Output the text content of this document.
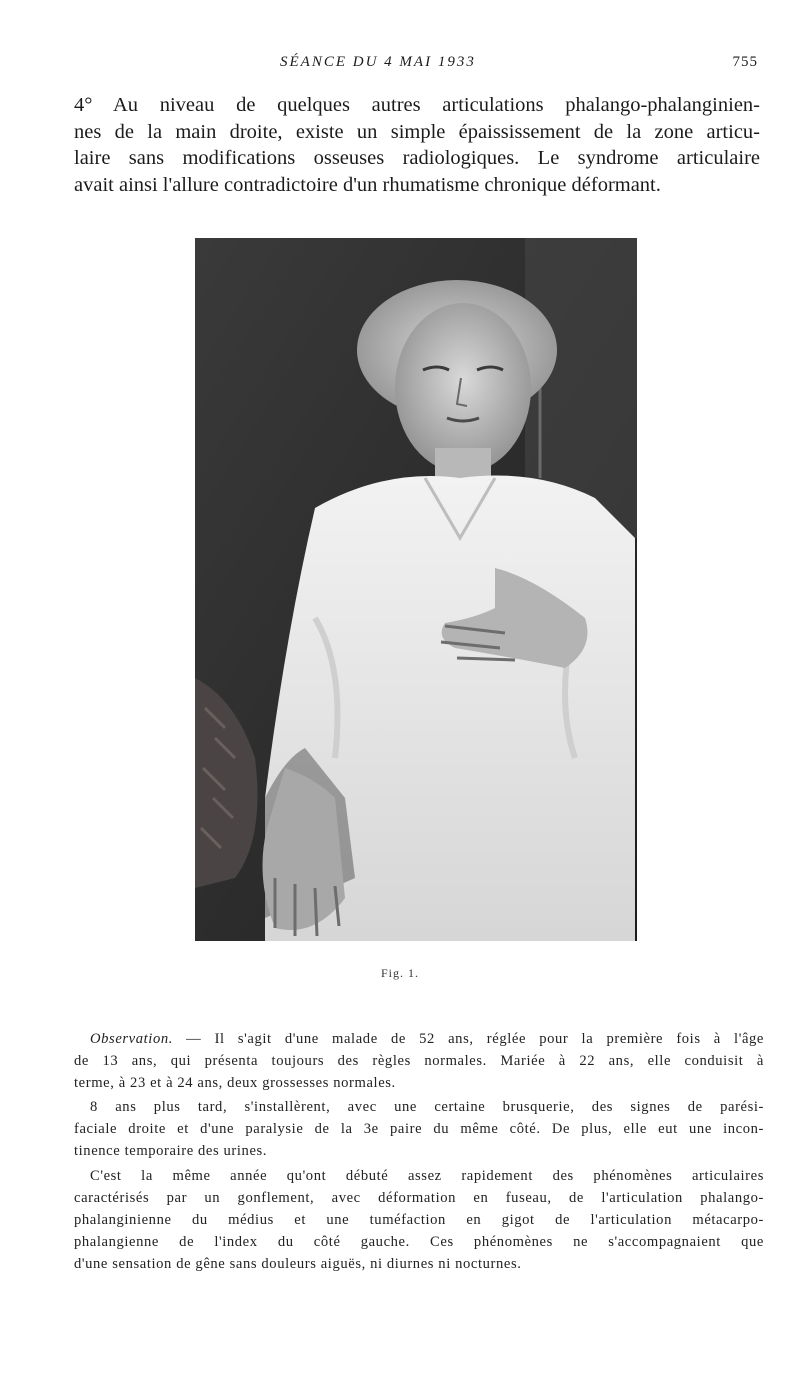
SÉANCE DU 4 MAI 1933	755
4° Au niveau de quelques autres articulations phalango-phalanginien-
nes de la main droite, existe un simple épaississement de la zone articu-
laire sans modifications osseuses radiologiques. Le syndrome articulaire
avait ainsi l'allure contradictoire d'un rhumatisme chronique déformant.
Fig. 1.

Observation. — Il s'agit d'une malade de 52 ans, réglée pour la première fois à l'âge
de 13 ans, qui présenta toujours des règles normales. Mariée à 22 ans, elle conduisit à
terme, à 23 et à 24 ans, deux grossesses normales.

8 ans plus tard, s'installèrent, avec une certaine brusquerie, des signes de parési-
faciale droite et d'une paralysie de la 3e paire du même côté. De plus, elle eut une incon-
tinence temporaire des urines.

C'est la même année qu'ont débuté assez rapidement des phénomènes articulaires
caractérisés par un gonflement, avec déformation en fuseau, de l'articulation phalango-
phalanginienne du médius et une tuméfaction en gigot de l'articulation métacarpo-
phalangienne de l'index du côté gauche. Ces phénomènes ne s'accompagnaient que
d'une sensation de gêne sans douleurs aiguës, ni diurnes ni nocturnes.
